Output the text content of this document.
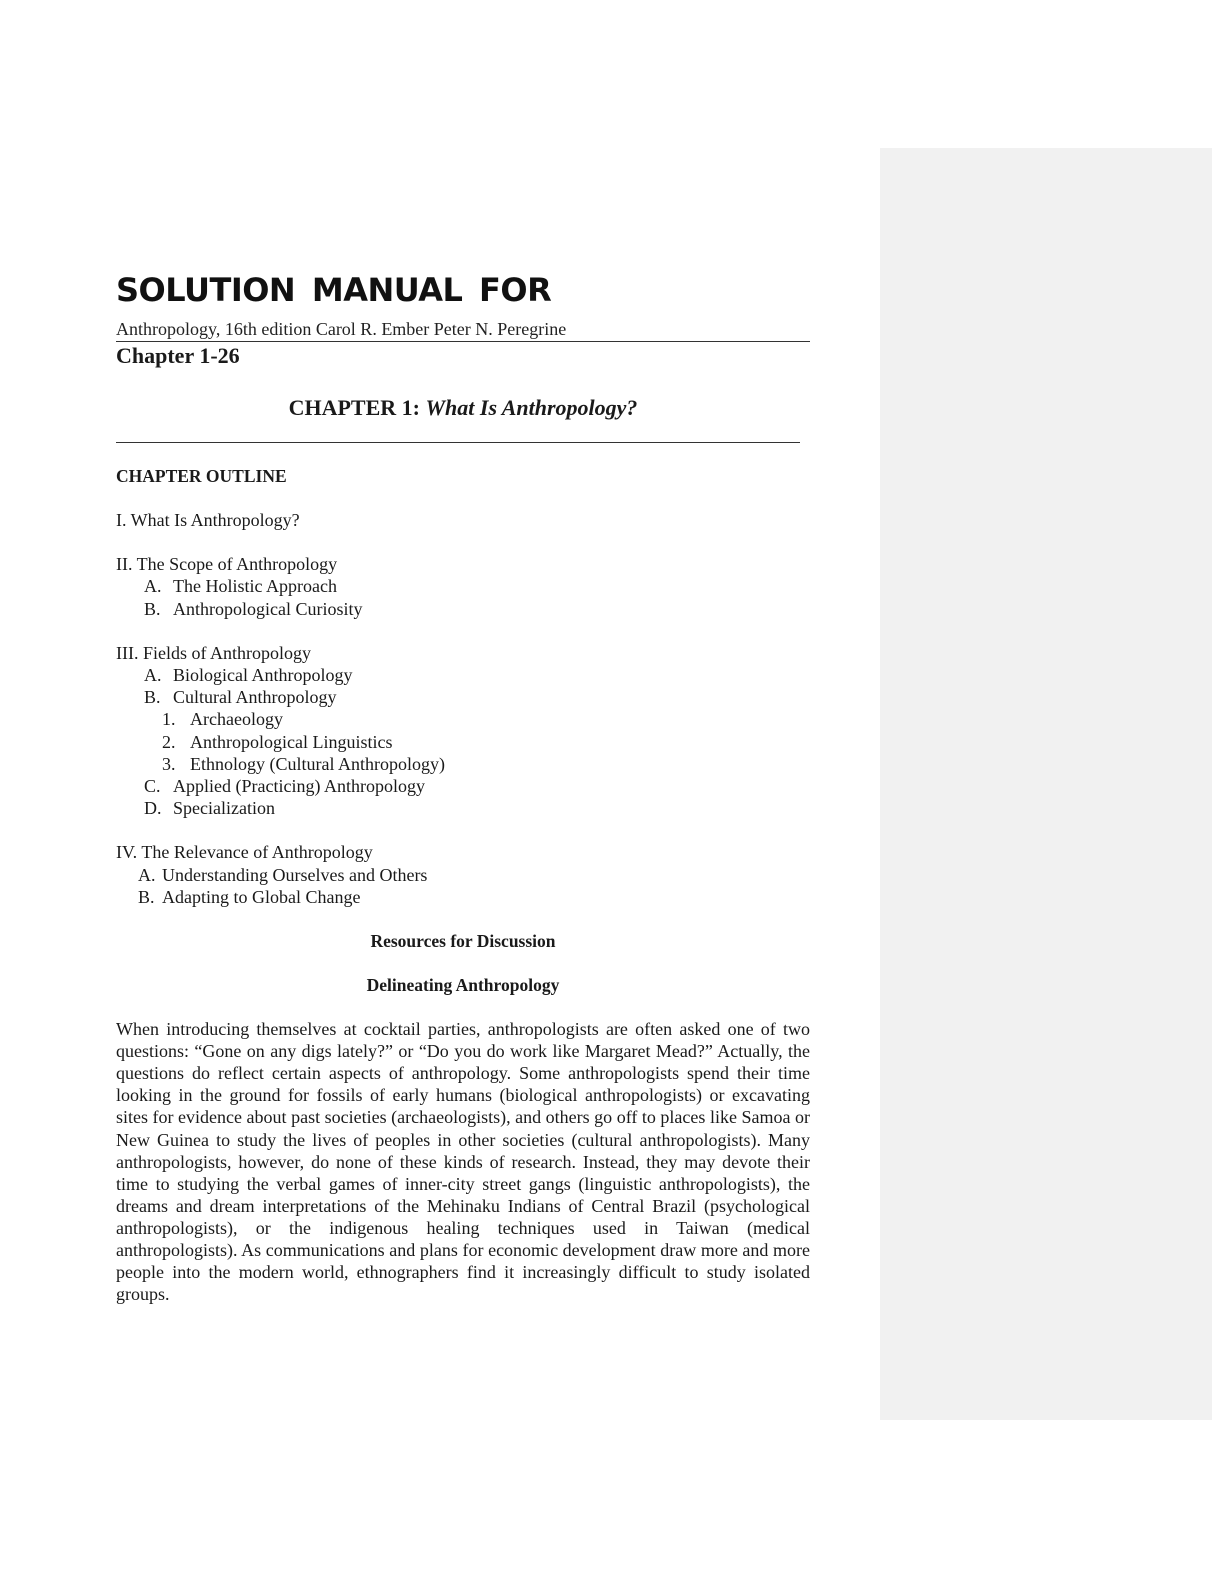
SOLUTION MANUAL FOR
Anthropology, 16th edition Carol R. Ember Peter N. Peregrine
Chapter 1-26
CHAPTER 1: What Is Anthropology?
CHAPTER OUTLINE
I. What Is Anthropology?
II. The Scope of Anthropology
A. The Holistic Approach
B. Anthropological Curiosity
III. Fields of Anthropology
A. Biological Anthropology
B. Cultural Anthropology
1. Archaeology
2. Anthropological Linguistics
3. Ethnology (Cultural Anthropology)
C. Applied (Practicing) Anthropology
D. Specialization
IV. The Relevance of Anthropology
A. Understanding Ourselves and Others
B. Adapting to Global Change
Resources for Discussion
Delineating Anthropology
When introducing themselves at cocktail parties, anthropologists are often asked one of two questions: “Gone on any digs lately?” or “Do you do work like Margaret Mead?” Actually, the questions do reflect certain aspects of anthropology. Some anthropologists spend their time looking in the ground for fossils of early humans (biological anthropologists) or excavating sites for evidence about past societies (archaeologists), and others go off to places like Samoa or New Guinea to study the lives of peoples in other societies (cultural anthropologists). Many anthropologists, however, do none of these kinds of research. Instead, they may devote their time to studying the verbal games of inner-city street gangs (linguistic anthropologists), the dreams and dream interpretations of the Mehinaku Indians of Central Brazil (psychological anthropologists), or the indigenous healing techniques used in Taiwan (medical anthropologists). As communications and plans for economic development draw more and more people into the modern world, ethnographers find it increasingly difficult to study isolated groups.
